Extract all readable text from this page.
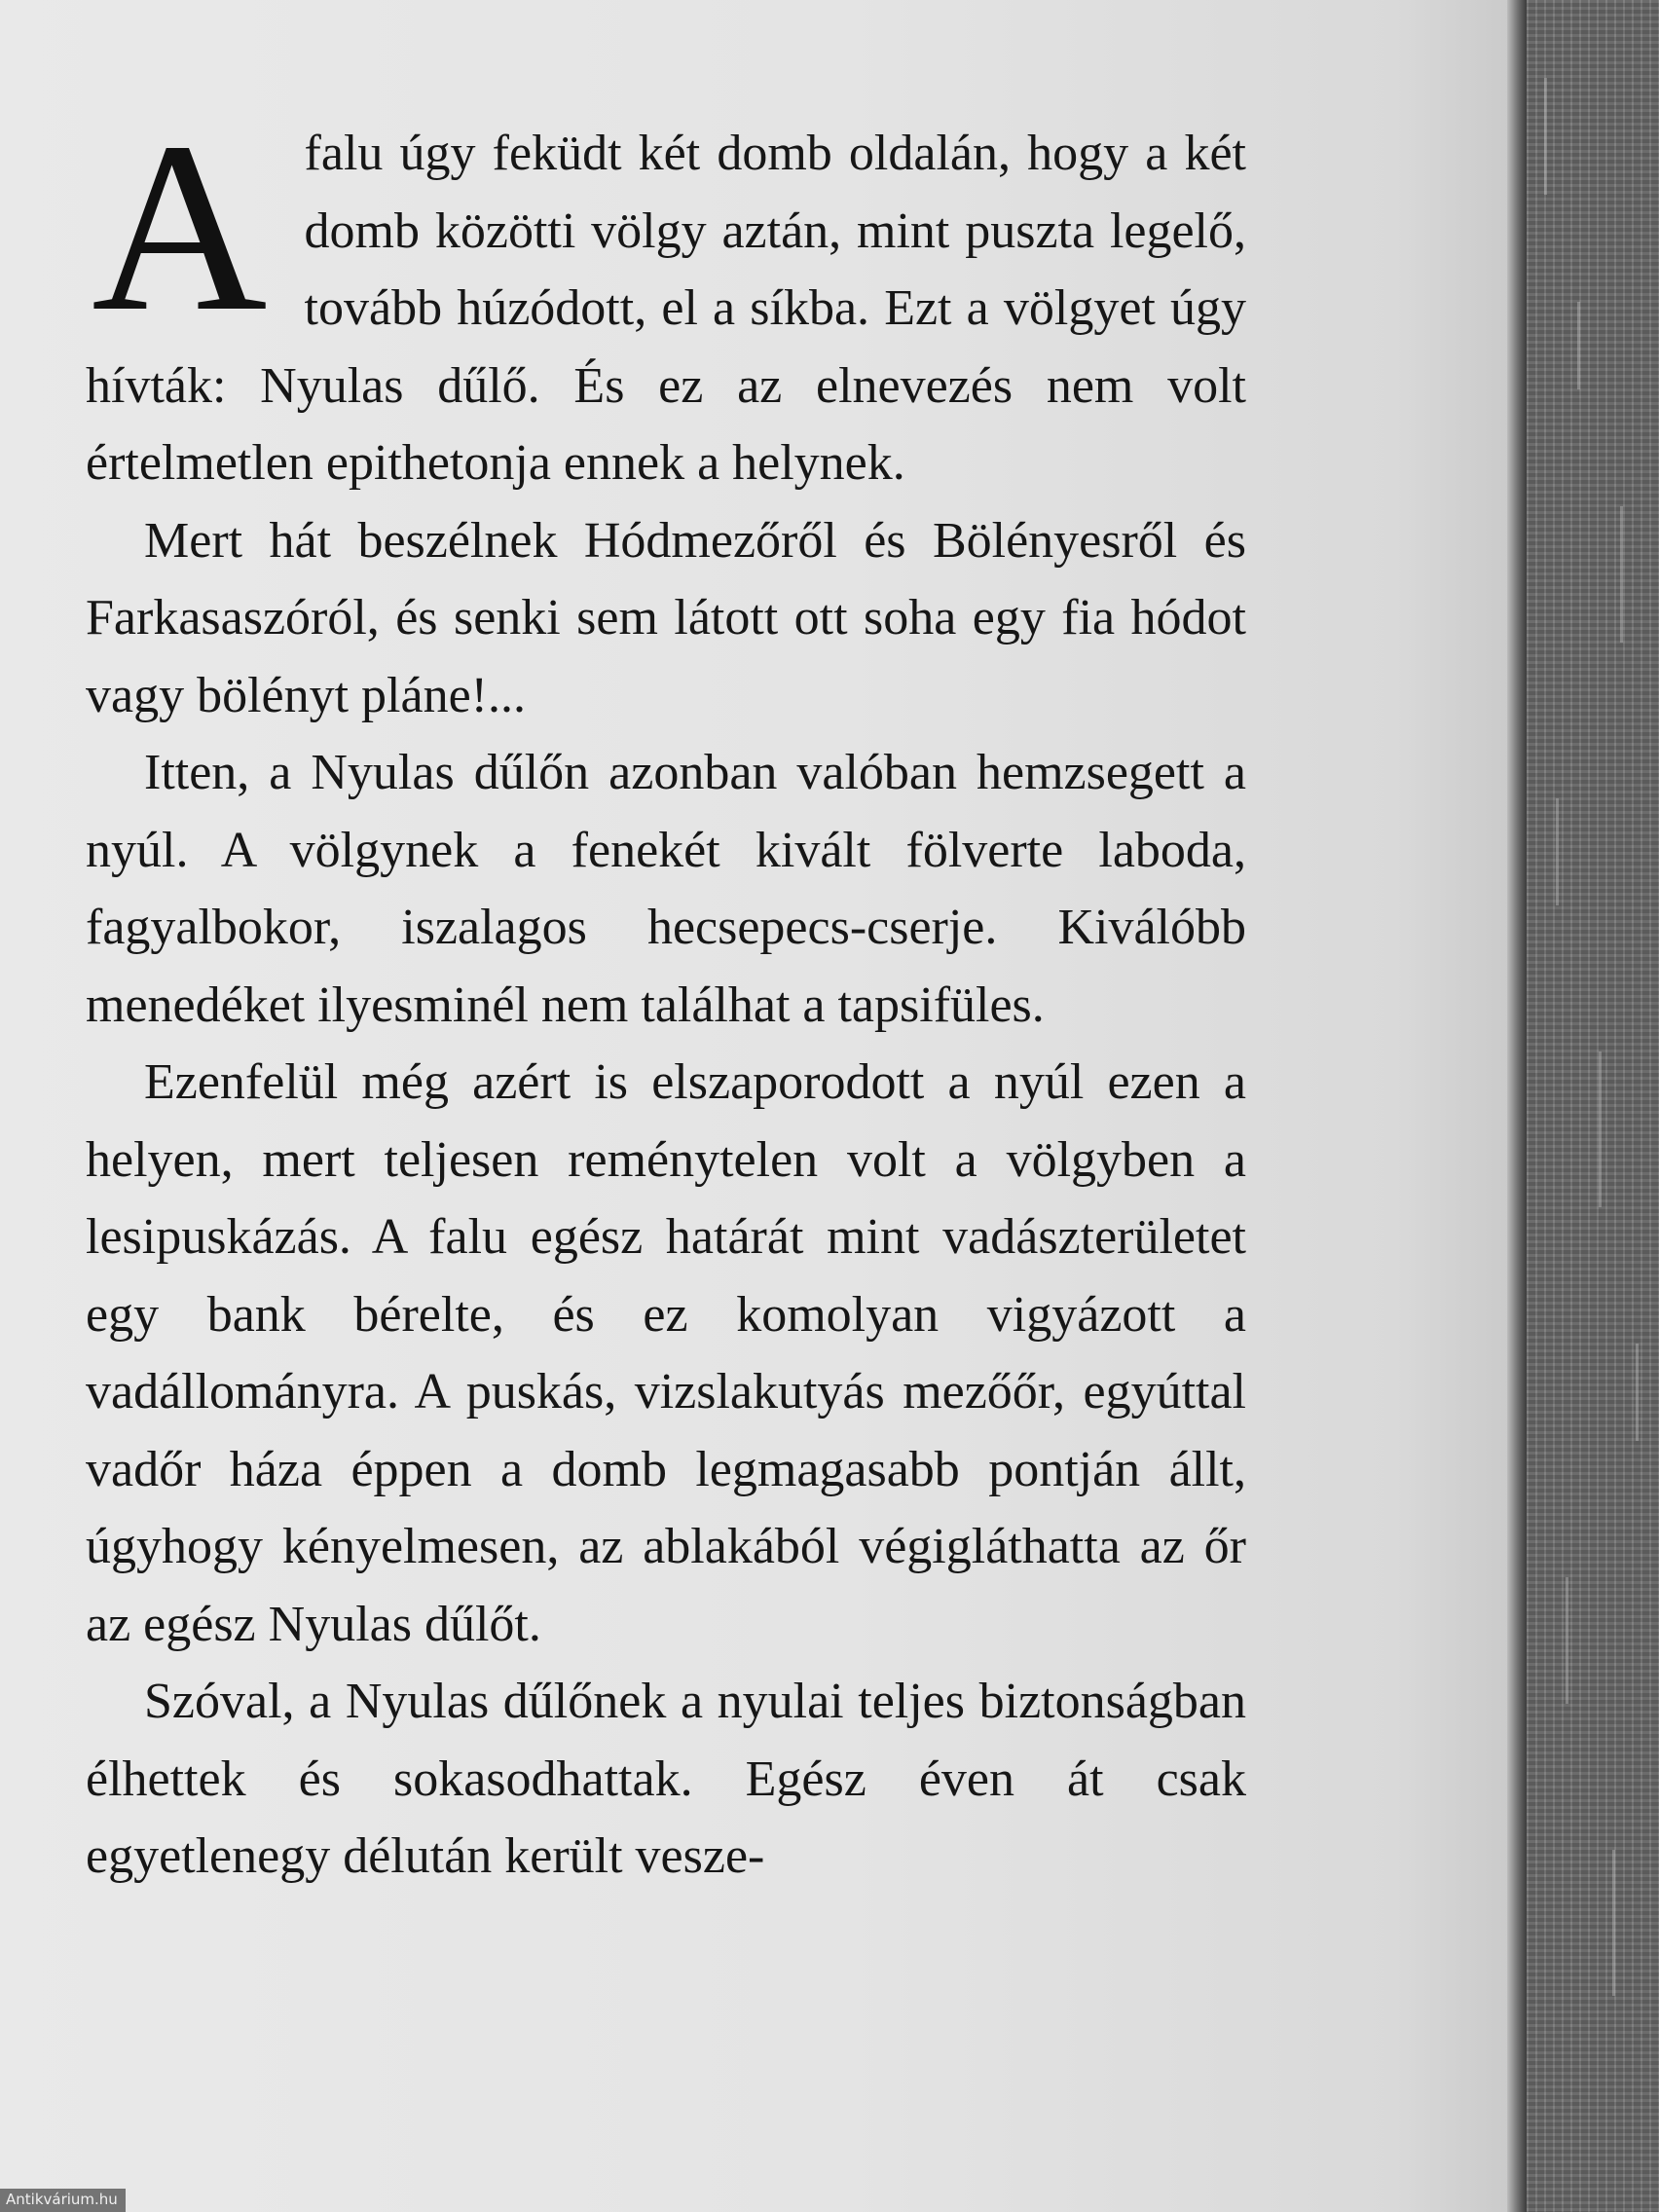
Afalu úgy feküdt két domb oldalán, hogy a két domb közötti völgy aztán, mint puszta legelő, tovább húzódott, el a síkba. Ezt a völgyet úgy hívták: Nyulas dűlő. És ez az elnevezés nem volt értelmetlen epithetonja ennek a helynek.

Mert hát beszélnek Hódmezőről és Bölényesről és Farkasaszóról, és senki sem látott ott soha egy fia hódot vagy bölényt pláne!...

Itten, a Nyulas dűlőn azonban valóban hemzsegett a nyúl. A völgynek a fenekét kivált fölverte laboda, fagyalbokor, iszalagos hecsepecs-cserje. Kiválóbb menedéket ilyesminél nem találhat a tapsifüles.

Ezenfelül még azért is elszaporodott a nyúl ezen a helyen, mert teljesen reménytelen volt a völgyben a lesipuskázás. A falu egész határát mint vadászterületet egy bank bérelte, és ez komolyan vigyázott a vadállományra. A puskás, vizslakutyás mezőőr, egyúttal vadőr háza éppen a domb legmagasabb pontján állt, úgyhogy kényelmesen, az ablakából végigláthatta az őr az egész Nyulas dűlőt.

Szóval, a Nyulas dűlőnek a nyulai teljes biztonságban élhettek és sokasodhattak. Egész éven át csak egyetlenegy délután került vesze-

Antikvárium.hu
